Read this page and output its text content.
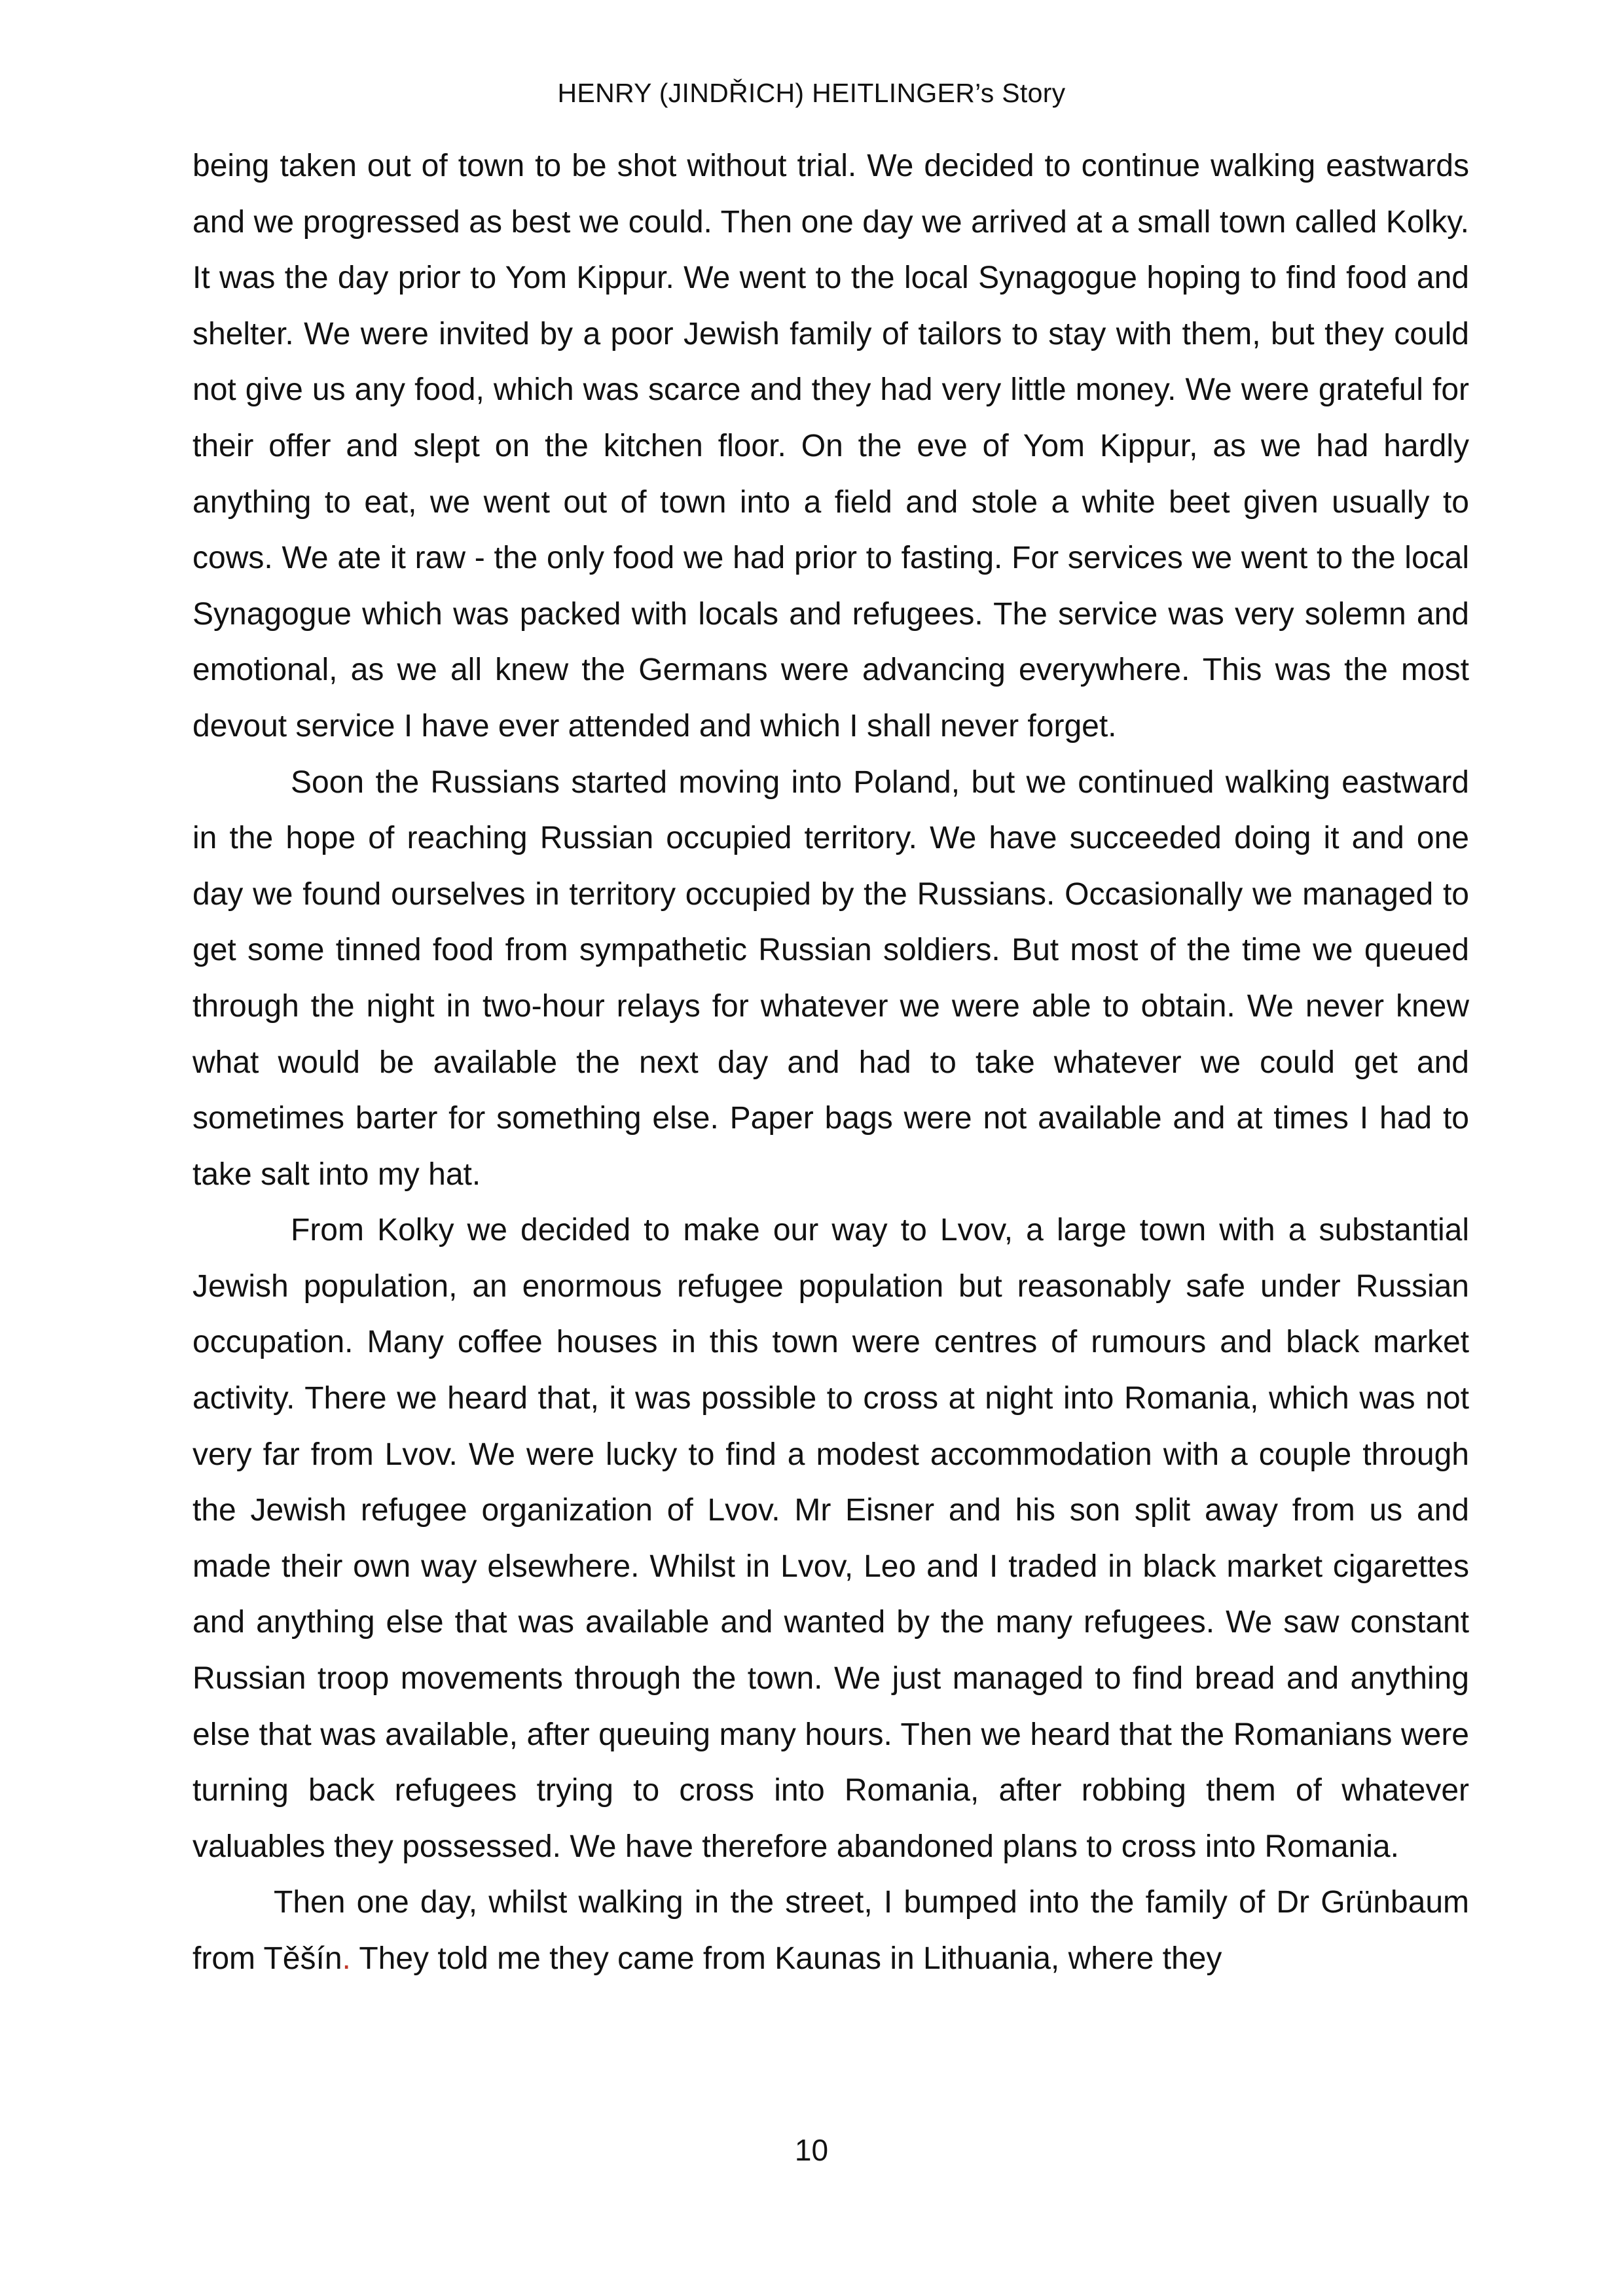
HENRY (JINDŘICH) HEITLINGER’s Story

being taken out of town to be shot without trial. We decided to continue walking eastwards and we progressed as best we could. Then one day we arrived at a small town called Kolky. It was the day prior to Yom Kippur. We went to the local Synagogue hoping to find food and shelter. We were invited by a poor Jewish family of tailors to stay with them, but they could not give us any food, which was scarce and they had very little money. We were grateful for their offer and slept on the kitchen floor. On the eve of Yom Kippur, as we had hardly anything to eat, we went out of town into a field and stole a white beet given usually to cows. We ate it raw - the only food we had prior to fasting. For services we went to the local Synagogue which was packed with locals and refugees. The service was very solemn and emotional, as we all knew the Germans were advancing everywhere. This was the most devout service I have ever attended and which I shall never forget.

Soon the Russians started moving into Poland, but we continued walking eastward in the hope of reaching Russian occupied territory. We have succeeded doing it and one day we found ourselves in territory occupied by the Russians. Occasionally we managed to get some tinned food from sympathetic Russian soldiers. But most of the time we queued through the night in two-hour relays for whatever we were able to obtain. We never knew what would be available the next day and had to take whatever we could get and sometimes barter for something else. Paper bags were not available and at times I had to take salt into my hat.

From Kolky we decided to make our way to Lvov, a large town with a substantial Jewish population, an enormous refugee population but reasonably safe under Russian occupation. Many coffee houses in this town were centres of rumours and black market activity. There we heard that, it was possible to cross at night into Romania, which was not very far from Lvov. We were lucky to find a modest accommodation with a couple through the Jewish refugee organization of Lvov. Mr Eisner and his son split away from us and made their own way elsewhere. Whilst in Lvov, Leo and I traded in black market cigarettes and anything else that was available and wanted by the many refugees. We saw constant Russian troop movements through the town. We just managed to find bread and anything else that was available, after queuing many hours. Then we heard that the Romanians were turning back refugees trying to cross into Romania, after robbing them of whatever valuables they possessed. We have therefore abandoned plans to cross into Romania.

Then one day, whilst walking in the street, I bumped into the family of Dr Grünbaum from Těšín. They told me they came from Kaunas in Lithuania, where they

10
